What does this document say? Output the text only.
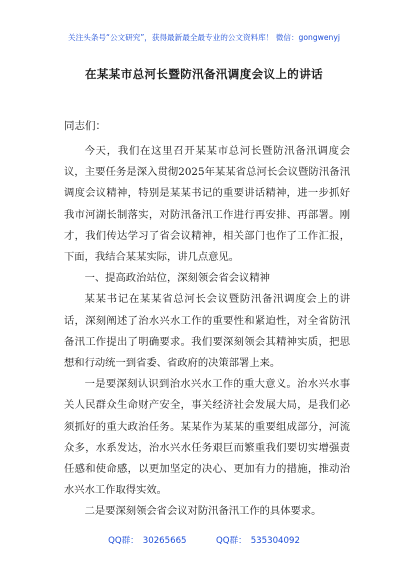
关注头条号“公文研究”，获得最新最全最专业的公文资料库！ 微信：gongwenyj
在某某市总河长暨防汛备汛调度会议上的讲话
同志们：

今天，我们在这里召开某某市总河长暨防汛备汛调度会议，主要任务是深入贯彻2025年某某省总河长会议暨防汛备汛调度会议精神，特别是某某书记的重要讲话精神，进一步抓好我市河湖长制落实，对防汛备汛工作进行再安排、再部署。刚才，我们传达学习了省会议精神，相关部门也作了工作汇报，下面，我结合某某实际，讲几点意见。

一、提高政治站位，深刻领会省会议精神

某某书记在某某省总河长会议暨防汛备汛调度会上的讲话，深刻阐述了治水兴水工作的重要性和紧迫性，对全省防汛备汛工作提出了明确要求。我们要深刻领会其精神实质，把思想和行动统一到省委、省政府的决策部署上来。

一是要深刻认识到治水兴水工作的重大意义。治水兴水事关人民群众生命财产安全，事关经济社会发展大局，是我们必须抓好的重大政治任务。某某作为某某的重要组成部分，河流众多，水系发达，治水兴水任务艰巨而繁重我们要切实增强责任感和使命感，以更加坚定的决心、更加有力的措施，推动治水兴水工作取得实效。

二是要深刻领会省会议对防汛备汛工作的具体要求。

QQ群： 30265665	QQ群： 535304092
